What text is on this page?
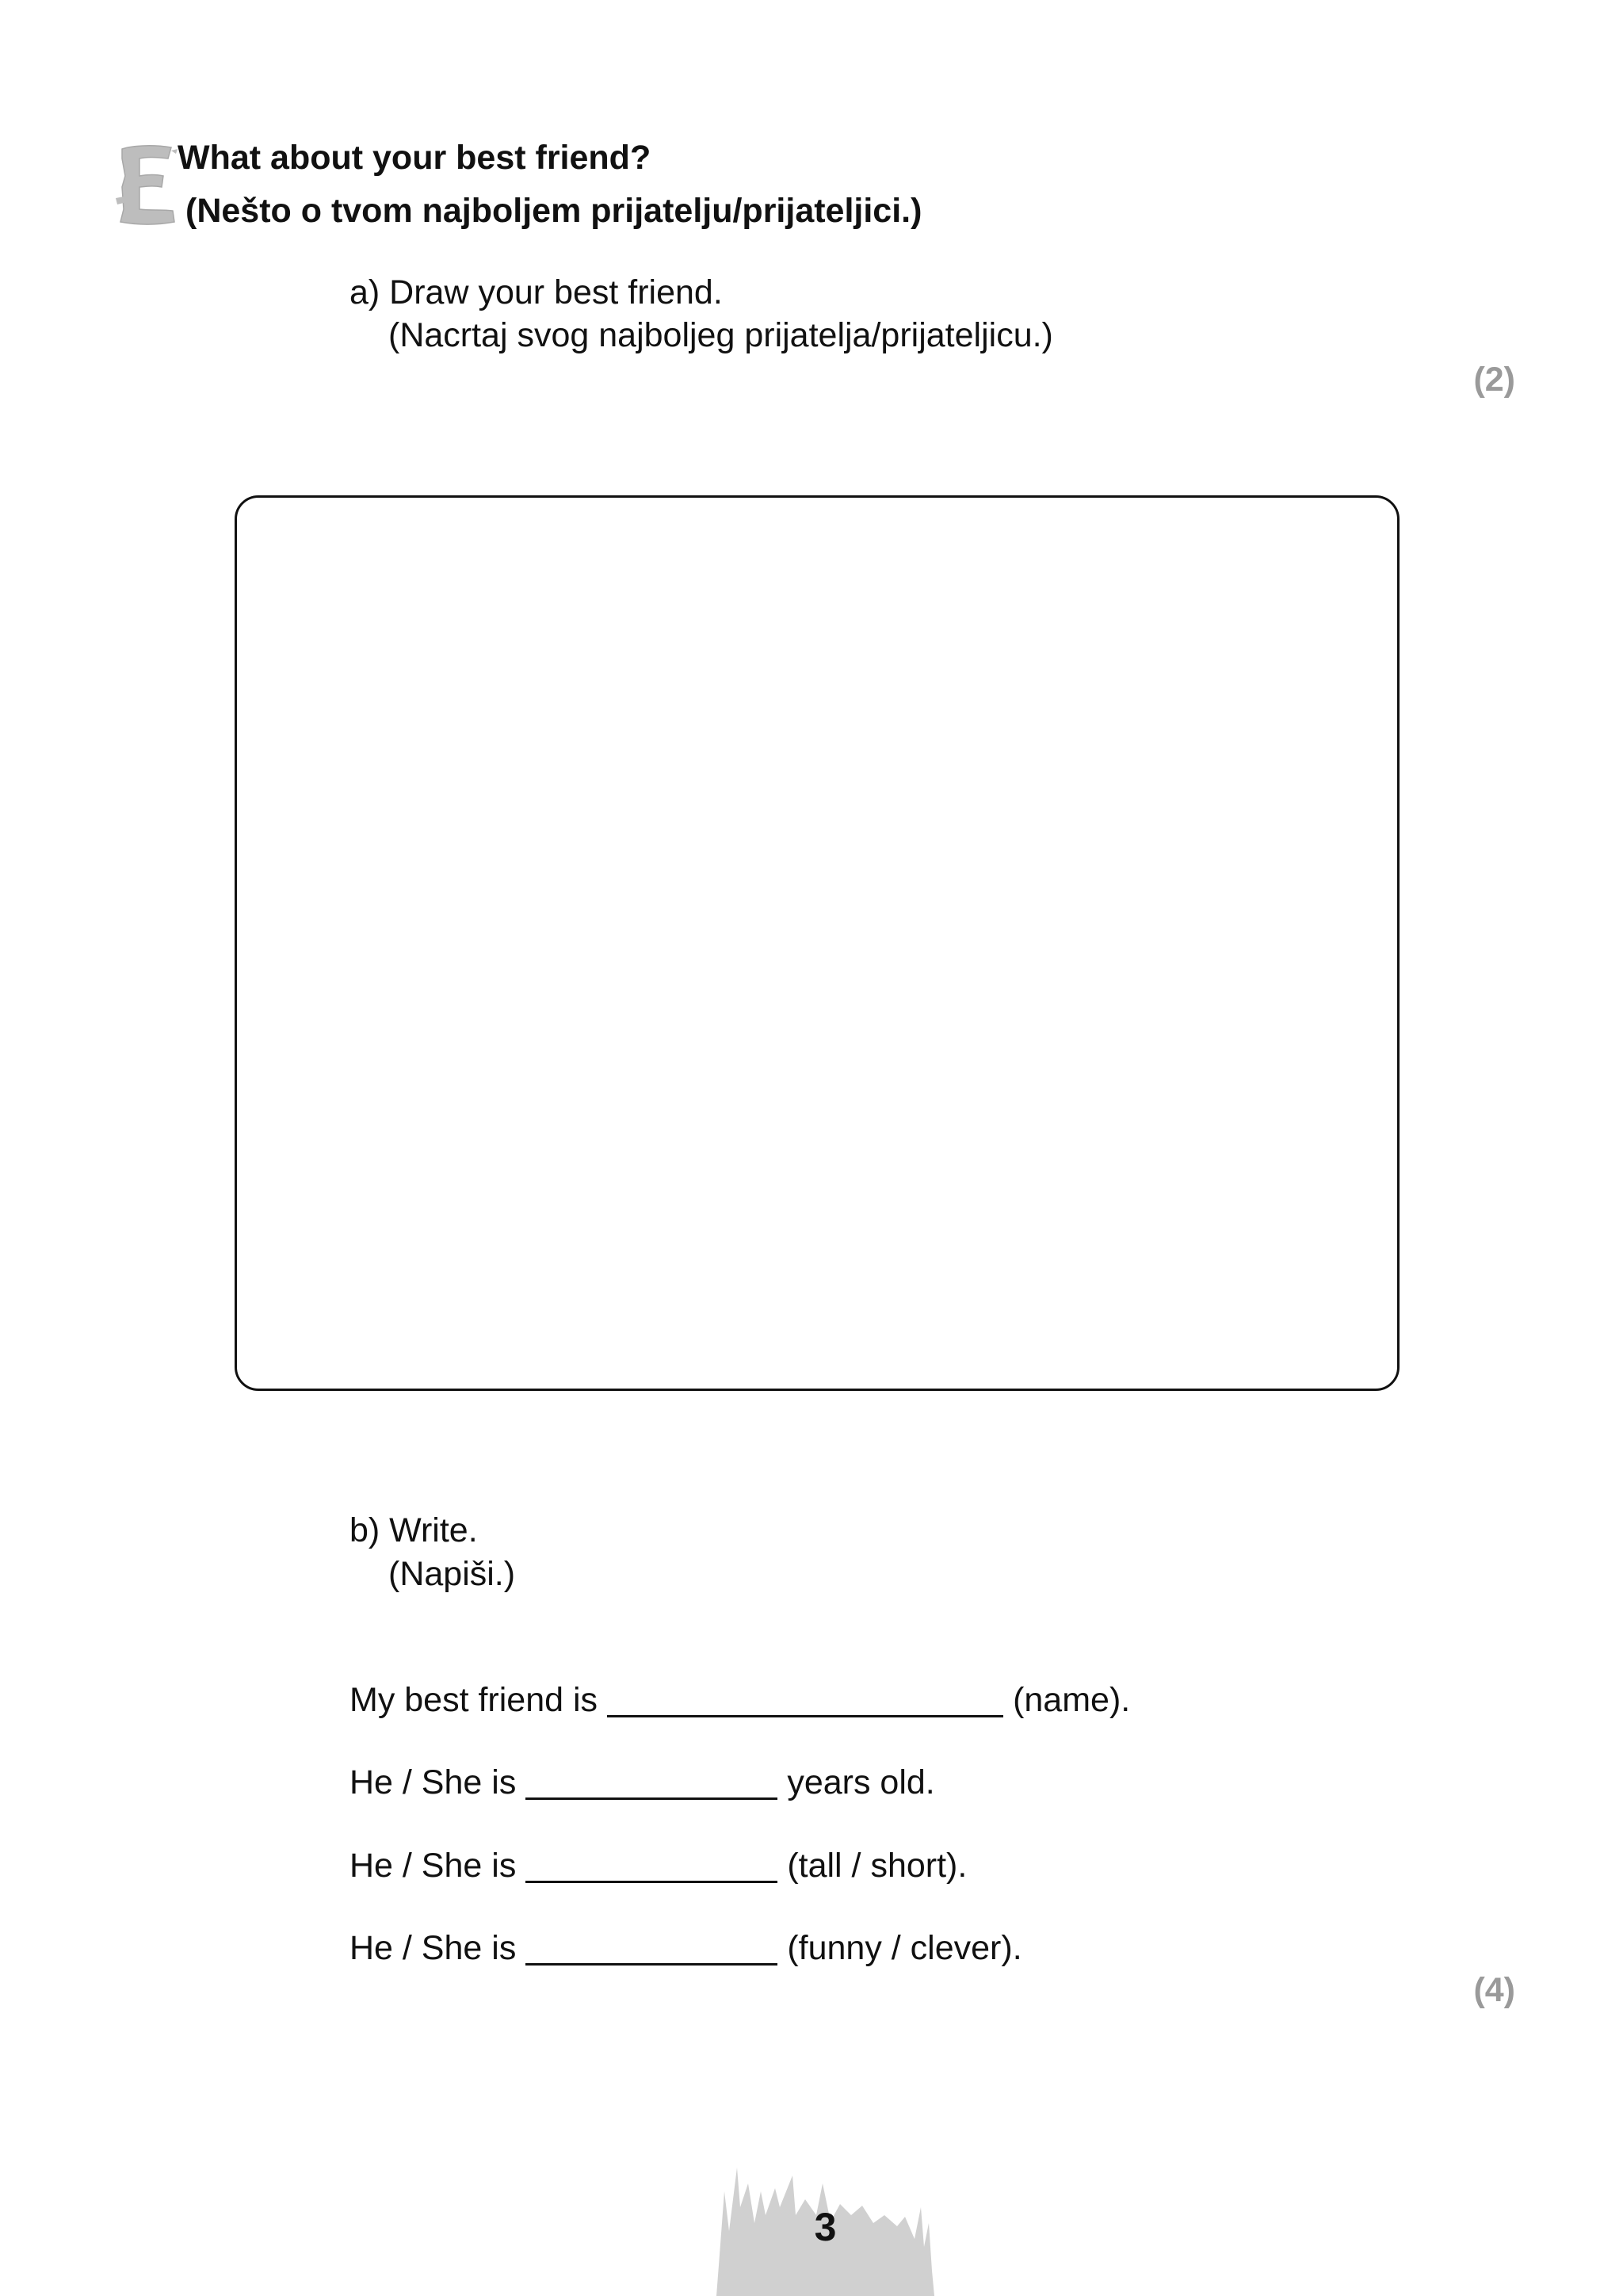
What about your best friend?
(Nešto o tvom najboljem prijatelju/prijateljici.)
a) Draw your best friend.
(Nacrtaj svog najboljeg prijatelja/prijateljicu.)
(2)
b) Write.
(Napiši.)
My best friend is	(name).
He / She is	years old.
He / She is	(tall / short).
He / She is	(funny / clever).
(4)
3
